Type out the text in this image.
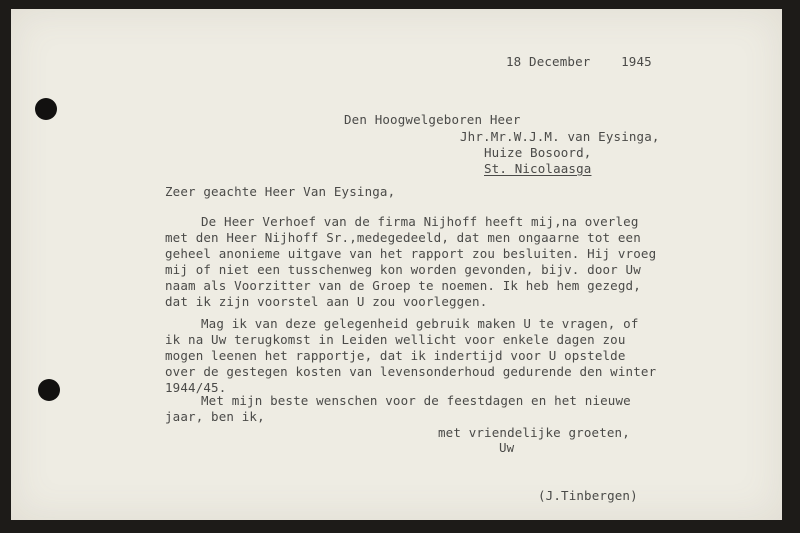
18 December    1945

Den Hoogwelgeboren Heer

Jhr.Mr.W.J.M. van Eysinga,

Huize Bosoord,

St. Nicolaasga

Zeer geachte Heer Van Eysinga,

De Heer Verhoef van de firma Nijhoff heeft mij,na overleg

met den Heer Nijhoff Sr.,medegedeeld, dat men ongaarne tot een

geheel anonieme uitgave van het rapport zou besluiten. Hij vroeg

mij of niet een tusschenweg kon worden gevonden, bijv. door Uw

naam als Voorzitter van de Groep te noemen. Ik heb hem gezegd,

dat ik zijn voorstel aan U zou voorleggen.

Mag ik van deze gelegenheid gebruik maken U te vragen, of

ik na Uw terugkomst in Leiden wellicht voor enkele dagen zou

mogen leenen het rapportje, dat ik indertijd voor U opstelde

over de gestegen kosten van levensonderhoud gedurende den winter

1944/45.

Met mijn beste wenschen voor de feestdagen en het nieuwe

jaar, ben ik,

met vriendelijke groeten,

Uw

(J.Tinbergen)
